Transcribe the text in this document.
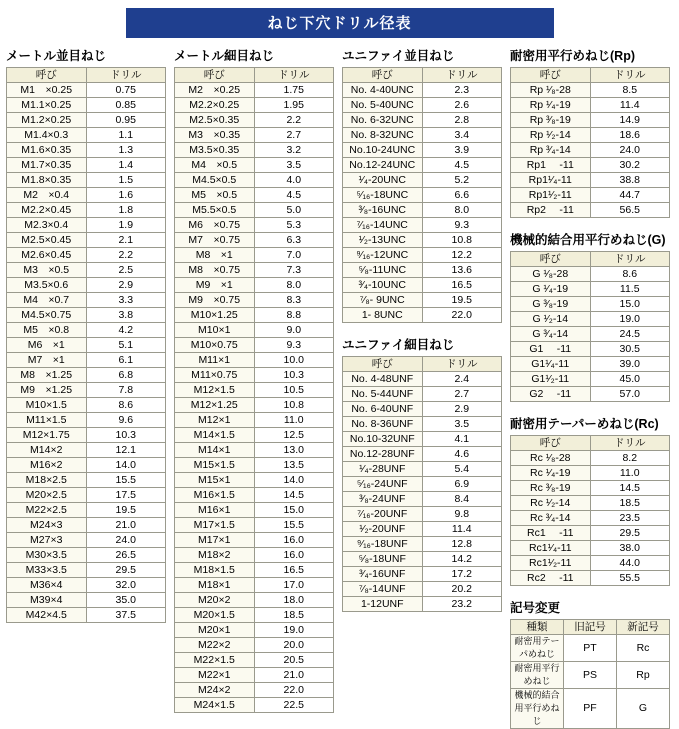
ねじ下穴ドリル径表
メートル並目ねじ
呼び	ドリル
M1　×0.25	0.75
M1.1×0.25	0.85
M1.2×0.25	0.95
M1.4×0.3	1.1
M1.6×0.35	1.3
M1.7×0.35	1.4
M1.8×0.35	1.5
M2　×0.4	1.6
M2.2×0.45	1.8
M2.3×0.4	1.9
M2.5×0.45	2.1
M2.6×0.45	2.2
M3　×0.5	2.5
M3.5×0.6	2.9
M4　×0.7	3.3
M4.5×0.75	3.8
M5　×0.8	4.2
M6　×1	5.1
M7　×1	6.1
M8　×1.25	6.8
M9　×1.25	7.8
M10×1.5	8.6
M11×1.5	9.6
M12×1.75	10.3
M14×2	12.1
M16×2	14.0
M18×2.5	15.5
M20×2.5	17.5
M22×2.5	19.5
M24×3	21.0
M27×3	24.0
M30×3.5	26.5
M33×3.5	29.5
M36×4	32.0
M39×4	35.0
M42×4.5	37.5
メートル細目ねじ
呼び	ドリル
M2　×0.25	1.75
M2.2×0.25	1.95
M2.5×0.35	2.2
M3　×0.35	2.7
M3.5×0.35	3.2
M4　×0.5	3.5
M4.5×0.5	4.0
M5　×0.5	4.5
M5.5×0.5	5.0
M6　×0.75	5.3
M7　×0.75	6.3
M8　×1	7.0
M8　×0.75	7.3
M9　×1	8.0
M9　×0.75	8.3
M10×1.25	8.8
M10×1	9.0
M10×0.75	9.3
M11×1	10.0
M11×0.75	10.3
M12×1.5	10.5
M12×1.25	10.8
M12×1	11.0
M14×1.5	12.5
M14×1	13.0
M15×1.5	13.5
M15×1	14.0
M16×1.5	14.5
M16×1	15.0
M17×1.5	15.5
M17×1	16.0
M18×2	16.0
M18×1.5	16.5
M18×1	17.0
M20×2	18.0
M20×1.5	18.5
M20×1	19.0
M22×2	20.0
M22×1.5	20.5
M22×1	21.0
M24×2	22.0
M24×1.5	22.5
ユニファイ並目ねじ
呼び	ドリル
No. 4-40UNC	2.3
No. 5-40UNC	2.6
No. 6-32UNC	2.8
No. 8-32UNC	3.4
No.10-24UNC	3.9
No.12-24UNC	4.5
¹⁄₄-20UNC	5.2
⁵⁄₁₆-18UNC	6.6
³⁄₈-16UNC	8.0
⁷⁄₁₆-14UNC	9.3
¹⁄₂-13UNC	10.8
⁹⁄₁₆-12UNC	12.2
⁵⁄₈-11UNC	13.6
³⁄₄-10UNC	16.5
⁷⁄₈- 9UNC	19.5
1- 8UNC	22.0
ユニファイ細目ねじ
呼び	ドリル
No. 4-48UNF	2.4
No. 5-44UNF	2.7
No. 6-40UNF	2.9
No. 8-36UNF	3.5
No.10-32UNF	4.1
No.12-28UNF	4.6
¹⁄₄-28UNF	5.4
⁵⁄₁₆-24UNF	6.9
³⁄₈-24UNF	8.4
⁷⁄₁₆-20UNF	9.8
¹⁄₂-20UNF	11.4
⁹⁄₁₆-18UNF	12.8
⁵⁄₈-18UNF	14.2
³⁄₄-16UNF	17.2
⁷⁄₈-14UNF	20.2
1-12UNF	23.2
耐密用平行めねじ(Rp)
呼び	ドリル
Rp ¹⁄₈-28	8.5
Rp ¹⁄₄-19	11.4
Rp ³⁄₈-19	14.9
Rp ¹⁄₂-14	18.6
Rp ³⁄₄-14	24.0
Rp1　 -11	30.2
Rp1¹⁄₄-11	38.8
Rp1¹⁄₂-11	44.7
Rp2　 -11	56.5
機械的結合用平行めねじ(G)
呼び	ドリル
G ¹⁄₈-28	8.6
G ¹⁄₄-19	11.5
G ³⁄₈-19	15.0
G ¹⁄₂-14	19.0
G ³⁄₄-14	24.5
G1　 -11	30.5
G1¹⁄₄-11	39.0
G1¹⁄₂-11	45.0
G2　 -11	57.0
耐密用テーパーめねじ(Rc)
呼び	ドリル
Rc ¹⁄₈-28	8.2
Rc ¹⁄₄-19	11.0
Rc ³⁄₈-19	14.5
Rc ¹⁄₂-14	18.5
Rc ³⁄₄-14	23.5
Rc1　 -11	29.5
Rc1¹⁄₄-11	38.0
Rc1¹⁄₂-11	44.0
Rc2　 -11	55.5
記号変更
種類	旧記号	新記号
耐密用テーパめねじ	PT	Rc
耐密用平行めねじ	PS	Rp
機械的結合用平行めねじ	PF	G
